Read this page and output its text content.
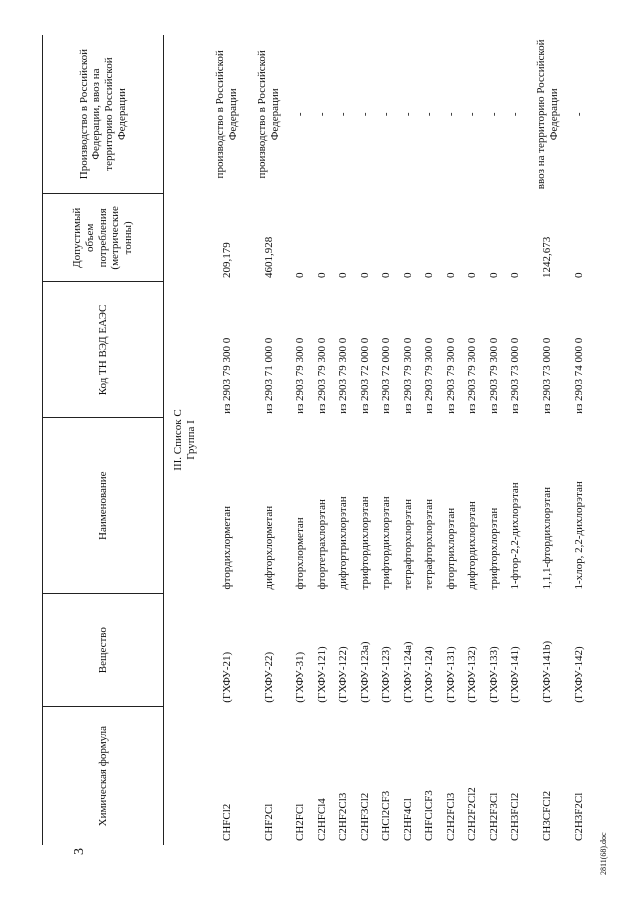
3
Химическая формула	Вещество	Наименование	Код ТН ВЭД ЕАЭС	Допустимый объем потребления (метрические тонны)	Производство в Российской Федерации, ввоз на территорию Российской Федерации

III. Список С Группа I					

CHFCl2	(ГХФУ-21)	фтордихлорметан	из 2903 79 300 0	209,179	производство в Российской Федерации
CHF2Cl	(ГХФУ-22)	дифторхлорметан	из 2903 71 000 0	4601,928	производство в Российской Федерации
CH2FCl	(ГХФУ-31)	фторхлорметан	из 2903 79 300 0	0	-
C2HFCl4	(ГХФУ-121)	фтортетрахлорэтан	из 2903 79 300 0	0	-
C2HF2Cl3	(ГХФУ-122)	дифтортрихлорэтан	из 2903 79 300 0	0	-
C2HF3Cl2	(ГХФУ-123а)	трифтордихлорэтан	из 2903 72 000 0	0	-
CHCl2CF3	(ГХФУ-123)	трифтордихлорэтан	из 2903 72 000 0	0	-
C2HF4Cl	(ГХФУ-124а)	тетрафторхлорэтан	из 2903 79 300 0	0	-
CHFClCF3	(ГХФУ-124)	тетрафторхлорэтан	из 2903 79 300 0	0	-
C2H2FCl3	(ГХФУ-131)	фтортрихлорэтан	из 2903 79 300 0	0	-
C2H2F2Cl2	(ГХФУ-132)	дифтордихлорэтан	из 2903 79 300 0	0	-
C2H2F3Cl	(ГХФУ-133)	трифторхлорэтан	из 2903 79 300 0	0	-
C2H3FCl2	(ГХФУ-141)	1-фтор-2,2-дихлорэтан	из 2903 73 000 0	0	-
CH3CFCl2	(ГХФУ-141b)	1,1,1-фтордихлорэтан	из 2903 73 000 0	1242,673	ввоз на территорию Российской Федерации
C2H3F2Cl	(ГХФУ-142)	1-хлор, 2,2-дихлорэтан	из 2903 74 000 0	0	-
2811(68).doc
